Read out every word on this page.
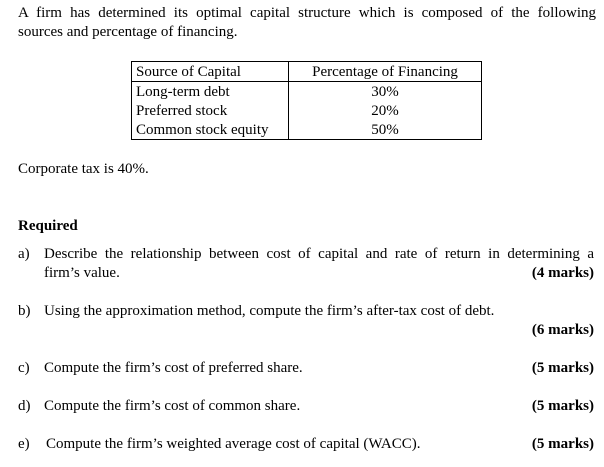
A firm has determined its optimal capital structure which is composed of the following
sources and percentage of financing.
Source of Capital	Percentage of Financing
Long-term debt	30%
Preferred stock	20%
Common stock equity	50%
Corporate tax is 40%.
Required
a) Describe the relationship between cost of capital and rate of return in determining a
firm’s value.	(4 marks)
b) Using the approximation method, compute the firm’s after-tax cost of debt.
(6 marks)
c) Compute the firm’s cost of preferred share.	(5 marks)
d) Compute the firm’s cost of common share.	(5 marks)
e) Compute the firm’s weighted average cost of capital (WACC).	(5 marks)
